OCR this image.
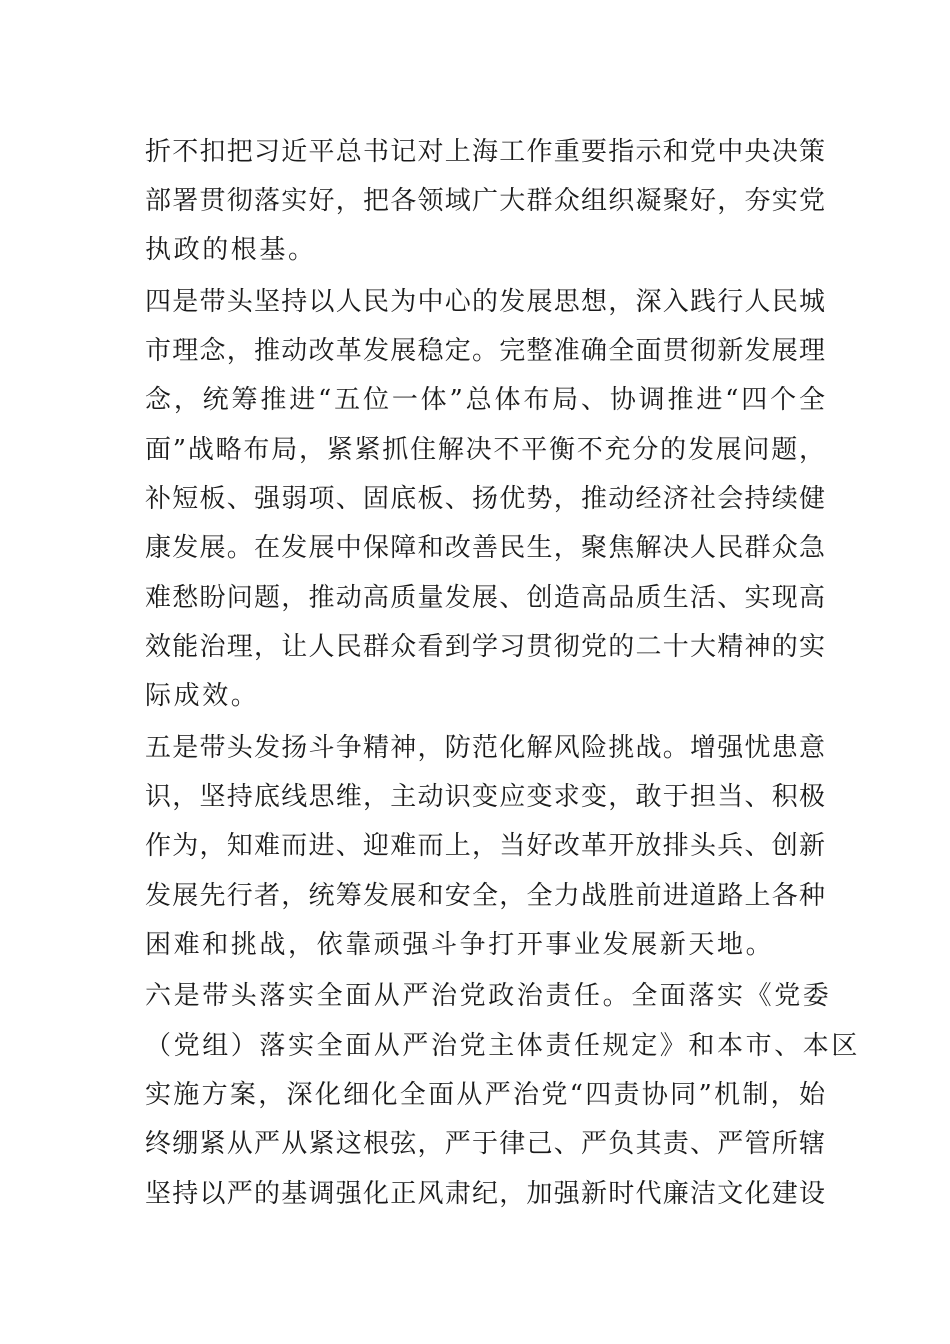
折不扣把习近平总书记对上海工作重要指示和党中央决策
部署贯彻落实好，把各领域广大群众组织凝聚好，夯实党
执政的根基。
四是带头坚持以人民为中心的发展思想，深入践行人民城
市理念，推动改革发展稳定。完整准确全面贯彻新发展理
念，统筹推进“五位一体”总体布局、协调推进“四个全
面”战略布局，紧紧抓住解决不平衡不充分的发展问题，
补短板、强弱项、固底板、扬优势，推动经济社会持续健
康发展。在发展中保障和改善民生，聚焦解决人民群众急
难愁盼问题，推动高质量发展、创造高品质生活、实现高
效能治理，让人民群众看到学习贯彻党的二十大精神的实
际成效。
五是带头发扬斗争精神，防范化解风险挑战。增强忧患意
识，坚持底线思维，主动识变应变求变，敢于担当、积极
作为，知难而进、迎难而上，当好改革开放排头兵、创新
发展先行者，统筹发展和安全，全力战胜前进道路上各种
困难和挑战，依靠顽强斗争打开事业发展新天地。
六是带头落实全面从严治党政治责任。全面落实《党委
（党组）落实全面从严治党主体责任规定》和本市、本区
实施方案，深化细化全面从严治党“四责协同”机制，始
终绷紧从严从紧这根弦，严于律己、严负其责、严管所辖
坚持以严的基调强化正风肃纪，加强新时代廉洁文化建设
